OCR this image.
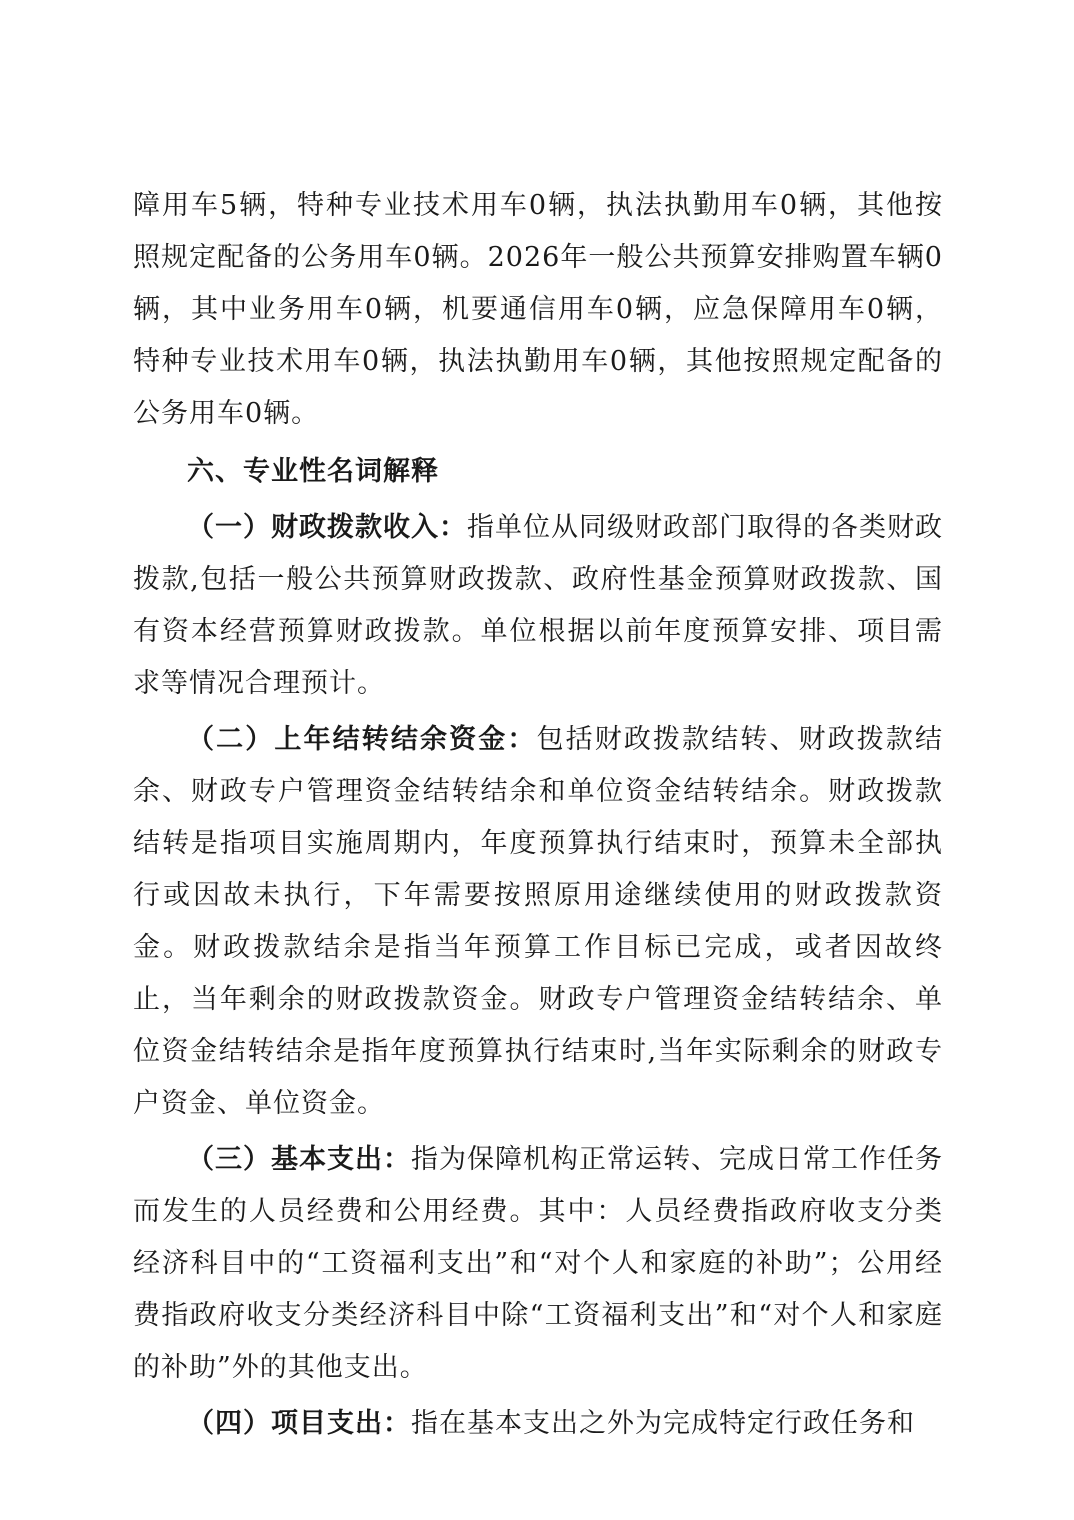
障用车5辆，特种专业技术用车0辆，执法执勤用车0辆，其他按照规定配备的公务用车0辆。2026年一般公共预算安排购置车辆0辆，其中业务用车0辆，机要通信用车0辆，应急保障用车0辆，特种专业技术用车0辆，执法执勤用车0辆，其他按照规定配备的公务用车0辆。

六、专业性名词解释

（一）财政拨款收入：指单位从同级财政部门取得的各类财政拨款,包括一般公共预算财政拨款、政府性基金预算财政拨款、国有资本经营预算财政拨款。单位根据以前年度预算安排、项目需求等情况合理预计。

（二）上年结转结余资金：包括财政拨款结转、财政拨款结余、财政专户管理资金结转结余和单位资金结转结余。财政拨款结转是指项目实施周期内，年度预算执行结束时，预算未全部执行或因故未执行，下年需要按照原用途继续使用的财政拨款资金。财政拨款结余是指当年预算工作目标已完成，或者因故终止，当年剩余的财政拨款资金。财政专户管理资金结转结余、单位资金结转结余是指年度预算执行结束时,当年实际剩余的财政专户资金、单位资金。

（三）基本支出：指为保障机构正常运转、完成日常工作任务而发生的人员经费和公用经费。其中：人员经费指政府收支分类经济科目中的“工资福利支出”和“对个人和家庭的补助”；公用经费指政府收支分类经济科目中除“工资福利支出”和“对个人和家庭的补助”外的其他支出。

（四）项目支出：指在基本支出之外为完成特定行政任务和
